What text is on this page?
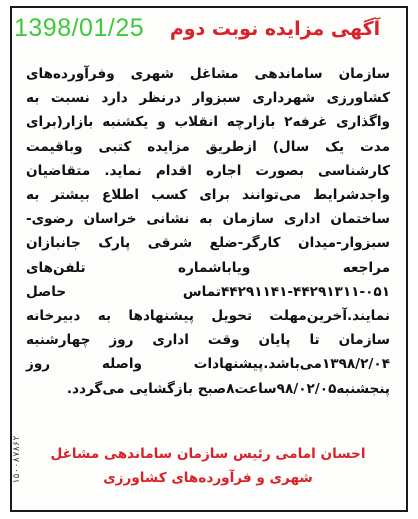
1398/01/25	آگهی مزایده نوبت دوم
سازمان ساماندهی مشاغل شهری وفرآورده‌های کشاورزی شهرداری سبزوار درنظر دارد نسبت به واگذاری غرفه۲ بازارچه انقلاب و یکشنبه بازار(برای مدت یک سال) ازطریق مزایده کتبی وباقیمت کارشناسی بصورت اجاره اقدام نماید. متقاضیان واجدشرایط می‌توانند برای کسب اطلاع بیشتر به ساختمان اداری سازمان به نشانی خراسان رضوی-سبزوار-میدان کارگر-ضلع شرقی پارک جانبازان مراجعه ویاباشماره تلفن‌های ۰۵۱-۴۴۲۹۱۳۱۱-۴۴۲۹۱۱۴۱تماس حاصل نمایند.آخرین‌مهلت تحویل پیشنهادها به دبیرخانه سازمان تا پایان وقت اداری روز چهارشنبه ۱۳۹۸/۲/۰۴می‌باشد.پیشنهادات واصله روز پنجشنبه۹۸/۰۲/۰۵ساعت۸صبح بازگشایی می‌گردد.
احسان امامی رئیس سازمان ساماندهی مشاغل
شهری و فرآورده‌های کشاورزی
۱۵۰۰۸۷۸۶۲
